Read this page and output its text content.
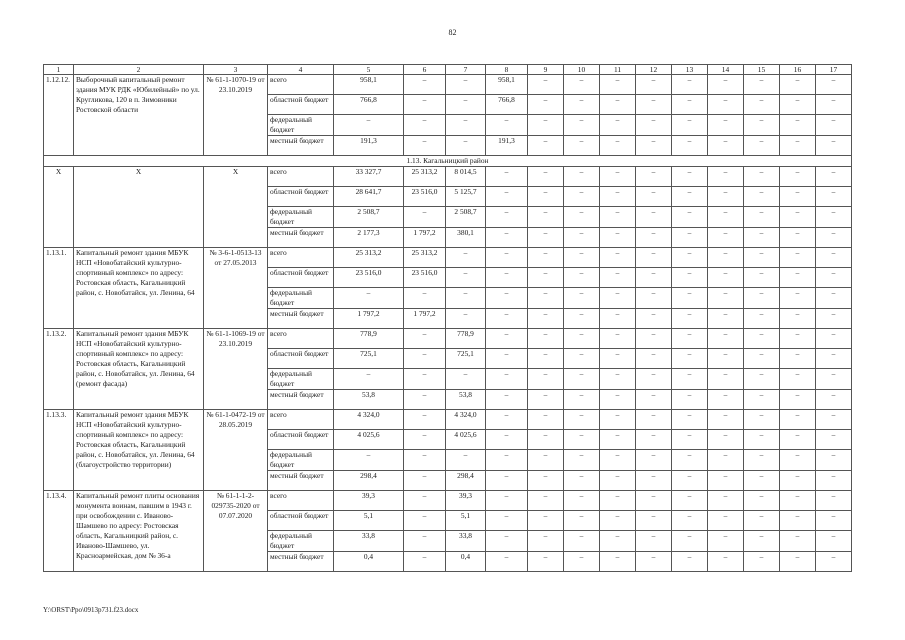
82
1	2	3	4	5	6	7	8	9	10	11	12	13	14	15	16	17
1.12.12.	Выборочный капитальный ремонт здания МУК РДК «Юбилейный» по ул. Кругликова, 120 в п. Зимовники Ростовской области	№ 61-1-1070-19 от 23.10.2019	всего	958,1	–	–	958,1	–	–	–	–	–	–	–	–	–
			областной бюджет	766,8	–	–	766,8	–	–	–	–	–	–	–	–	–
			федеральный бюджет	–	–	–	–	–	–	–	–	–	–	–	–	–
			местный бюджет	191,3	–	–	191,3	–	–	–	–	–	–	–	–	–
1.13. Кагальницкий район																
Х	Х	Х	всего	33 327,7	25 313,2	8 014,5	–	–	–	–	–	–	–	–	–	–
			областной бюджет	28 641,7	23 516,0	5 125,7	–	–	–	–	–	–	–	–	–	–
			федеральный бюджет	2 508,7	–	2 508,7	–	–	–	–	–	–	–	–	–	–
			местный бюджет	2 177,3	1 797,2	380,1	–	–	–	–	–	–	–	–	–	–
1.13.1.	Капитальный ремонт здания МБУК НСП «Новобатайский культурно-спортивный комплекс» по адресу: Ростовская область, Кагальницкий район, с. Новобатайск, ул. Ленина, 64	№ 3-6-1-0513-13 от 27.05.2013	всего	25 313,2	25 313,2	–	–	–	–	–	–	–	–	–	–	–
			областной бюджет	23 516,0	23 516,0	–	–	–	–	–	–	–	–	–	–	–
			федеральный бюджет	–	–	–	–	–	–	–	–	–	–	–	–	–
			местный бюджет	1 797,2	1 797,2	–	–	–	–	–	–	–	–	–	–	–
1.13.2.	Капитальный ремонт здания МБУК НСП «Новобатайский культурно-спортивный комплекс» по адресу: Ростовская область, Кагальницкий район, с. Новобатайск, ул. Ленина, 64 (ремонт фасада)	№ 61-1-1069-19 от 23.10.2019	всего	778,9	–	778,9	–	–	–	–	–	–	–	–	–	–
			областной бюджет	725,1	–	725,1	–	–	–	–	–	–	–	–	–	–
			федеральный бюджет	–	–	–	–	–	–	–	–	–	–	–	–	–
			местный бюджет	53,8	–	53,8	–	–	–	–	–	–	–	–	–	–
1.13.3.	Капитальный ремонт здания МБУК НСП «Новобатайский культурно-спортивный комплекс» по адресу: Ростовская область, Кагальницкий район, с. Новобатайск, ул. Ленина, 64 (благоустройство территории)	№ 61-1-0472-19 от 28.05.2019	всего	4 324,0	–	4 324,0	–	–	–	–	–	–	–	–	–	–
			областной бюджет	4 025,6	–	4 025,6	–	–	–	–	–	–	–	–	–	–
			федеральный бюджет	–	–	–	–	–	–	–	–	–	–	–	–	–
			местный бюджет	298,4	–	298,4	–	–	–	–	–	–	–	–	–	–
1.13.4.	Капитальный ремонт плиты основания монумента воинам, павшим в 1943 г. при освобождении с. Иваново-Шамшево по адресу: Ростовская область, Кагальницкий район, с. Иваново-Шамшево, ул. Красноармейская, дом № 36-а	№ 61-1-1-2-029735-2020 от 07.07.2020	всего	39,3	–	39,3	–	–	–	–	–	–	–	–	–	–
			областной бюджет	5,1	–	5,1	–	–	–	–	–	–	–	–	–	–
			федеральный бюджет	33,8	–	33,8	–	–	–	–	–	–	–	–	–	–
			местный бюджет	0,4	–	0,4	–	–	–	–	–	–	–	–	–	–
Y:\ORST\Ppo\0913p731.f23.docx
